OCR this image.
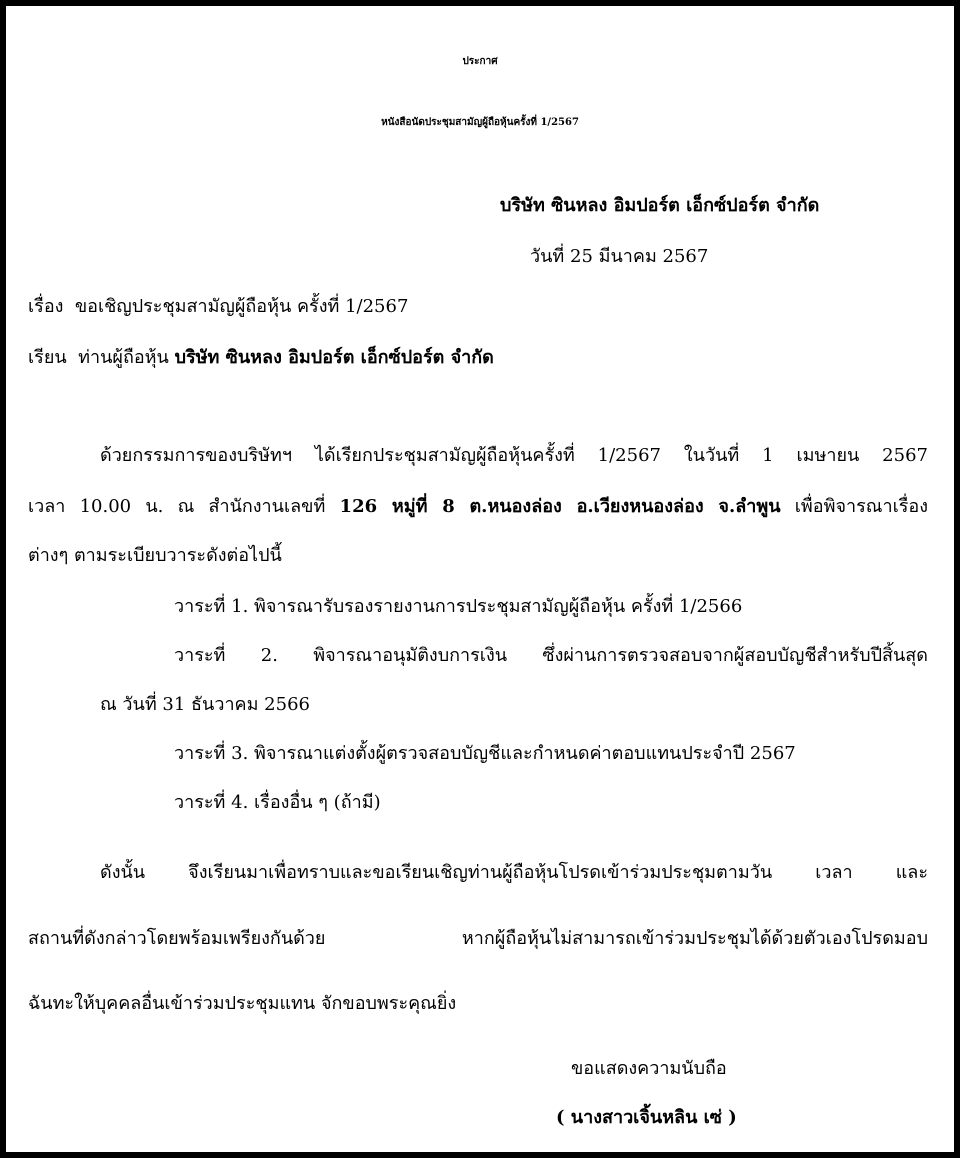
ประกาศ
หนังสือนัดประชุมสามัญผู้ถือหุ้นครั้งที่ 1/2567
บริษัท ซินหลง อิมปอร์ต เอ็กซ์ปอร์ต จำกัด
วันที่ 25 มีนาคม 2567
เรื่อง ขอเชิญประชุมสามัญผู้ถือหุ้น ครั้งที่ 1/2567
เรียน ท่านผู้ถือหุ้น บริษัท ซินหลง อิมปอร์ต เอ็กซ์ปอร์ต จำกัด
ด้วยกรรมการของบริษัทฯ ได้เรียกประชุมสามัญผู้ถือหุ้นครั้งที่ 1/2567 ในวันที่ 1 เมษายน 2567
เวลา 10.00 น. ณ สำนักงานเลขที่ 126 หมู่ที่ 8 ต.หนองล่อง อ.เวียงหนองล่อง จ.ลำพูน เพื่อพิจารณาเรื่อง
ต่างๆ ตามระเบียบวาระดังต่อไปนี้
วาระที่ 1. พิจารณารับรองรายงานการประชุมสามัญผู้ถือหุ้น ครั้งที่ 1/2566
วาระที่ 2. พิจารณาอนุมัติงบการเงิน ซึ่งผ่านการตรวจสอบจากผู้สอบบัญชีสำหรับปีสิ้นสุด
ณ วันที่ 31 ธันวาคม 2566
วาระที่ 3. พิจารณาแต่งตั้งผู้ตรวจสอบบัญชีและกำหนดค่าตอบแทนประจำปี 2567
วาระที่ 4. เรื่องอื่น ๆ (ถ้ามี)
ดังนั้น จึงเรียนมาเพื่อทราบและขอเรียนเชิญท่านผู้ถือหุ้นโปรดเข้าร่วมประชุมตามวัน เวลา และ
สถานที่ดังกล่าวโดยพร้อมเพรียงกันด้วย หากผู้ถือหุ้นไม่สามารถเข้าร่วมประชุมได้ด้วยตัวเองโปรดมอบ
ฉันทะให้บุคคลอื่นเข้าร่วมประชุมแทน จักขอบพระคุณยิ่ง
ขอแสดงความนับถือ
( นางสาวเจิ้นหลิน เซ่ )
